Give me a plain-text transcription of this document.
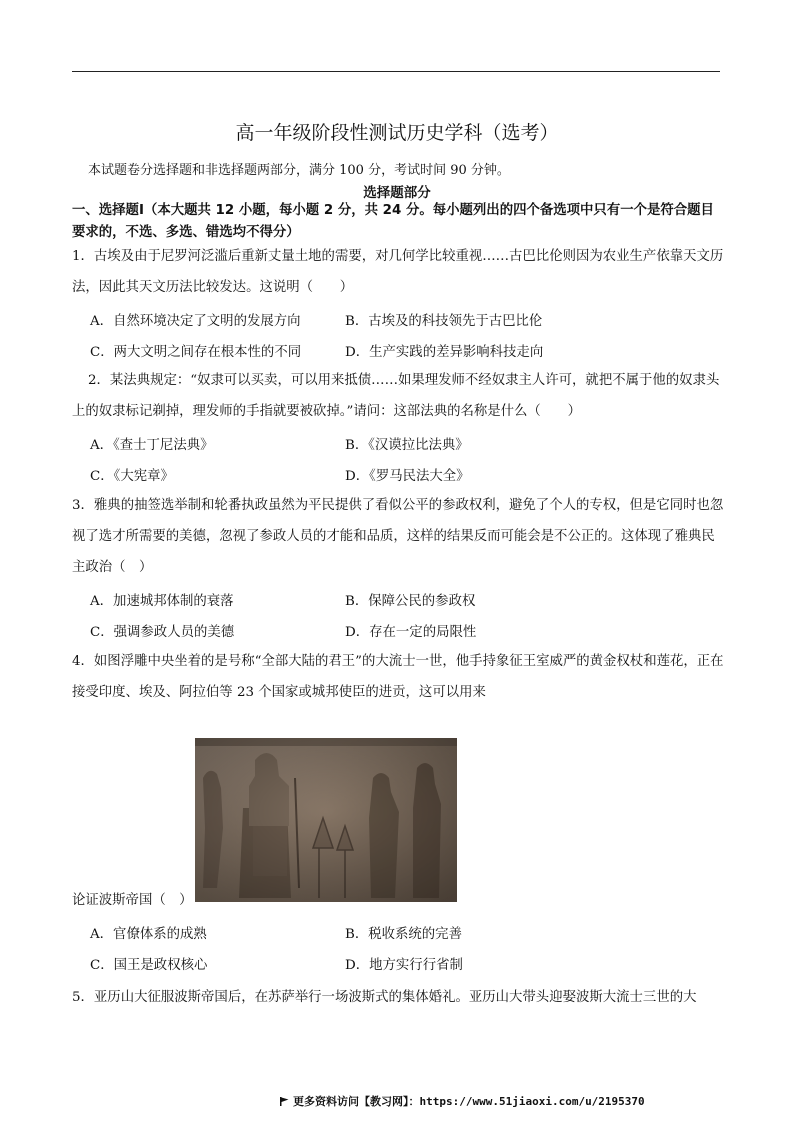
高一年级阶段性测试历史学科（选考）
本试题卷分选择题和非选择题两部分，满分 100 分，考试时间 90 分钟。
选择题部分
一、选择题Ⅰ（本大题共 12 小题，每小题 2 分，共 24 分。每小题列出的四个备选项中只有一个是符合题目要求的，不选、多选、错选均不得分）
1．古埃及由于尼罗河泛滥后重新丈量土地的需要，对几何学比较重视……古巴比伦则因为农业生产依靠天文历法，因此其天文历法比较发达。这说明（　　）
A．自然环境决定了文明的发展方向	B．古埃及的科技领先于古巴比伦
C．两大文明之间存在根本性的不同	D．生产实践的差异影响科技走向
2．某法典规定：“奴隶可以买卖，可以用来抵债……如果理发师不经奴隶主人许可，就把不属于他的奴隶头上的奴隶标记剃掉，理发师的手指就要被砍掉。”请问：这部法典的名称是什么（　　）
A．《查士丁尼法典》	B．《汉谟拉比法典》
C．《大宪章》	D．《罗马民法大全》
3．雅典的抽签选举制和轮番执政虽然为平民提供了看似公平的参政权利，避免了个人的专权，但是它同时也忽视了选才所需要的美德，忽视了参政人员的才能和品质，这样的结果反而可能会是不公正的。这体现了雅典民主政治（　）
A．加速城邦体制的衰落	B．保障公民的参政权
C．强调参政人员的美德	D．存在一定的局限性
4．如图浮雕中央坐着的是号称“全部大陆的君王”的大流士一世，他手持象征王室威严的黄金权杖和莲花，正在接受印度、埃及、阿拉伯等 23 个国家或城邦使臣的进贡，这可以用来
论证波斯帝国（　）
A．官僚体系的成熟	B．税收系统的完善
C．国王是政权核心	D．地方实行行省制
5．亚历山大征服波斯帝国后，在苏萨举行一场波斯式的集体婚礼。亚历山大带头迎娶波斯大流士三世的大
更多资料访问【教习网】：https://www.51jiaoxi.com/u/2195370
